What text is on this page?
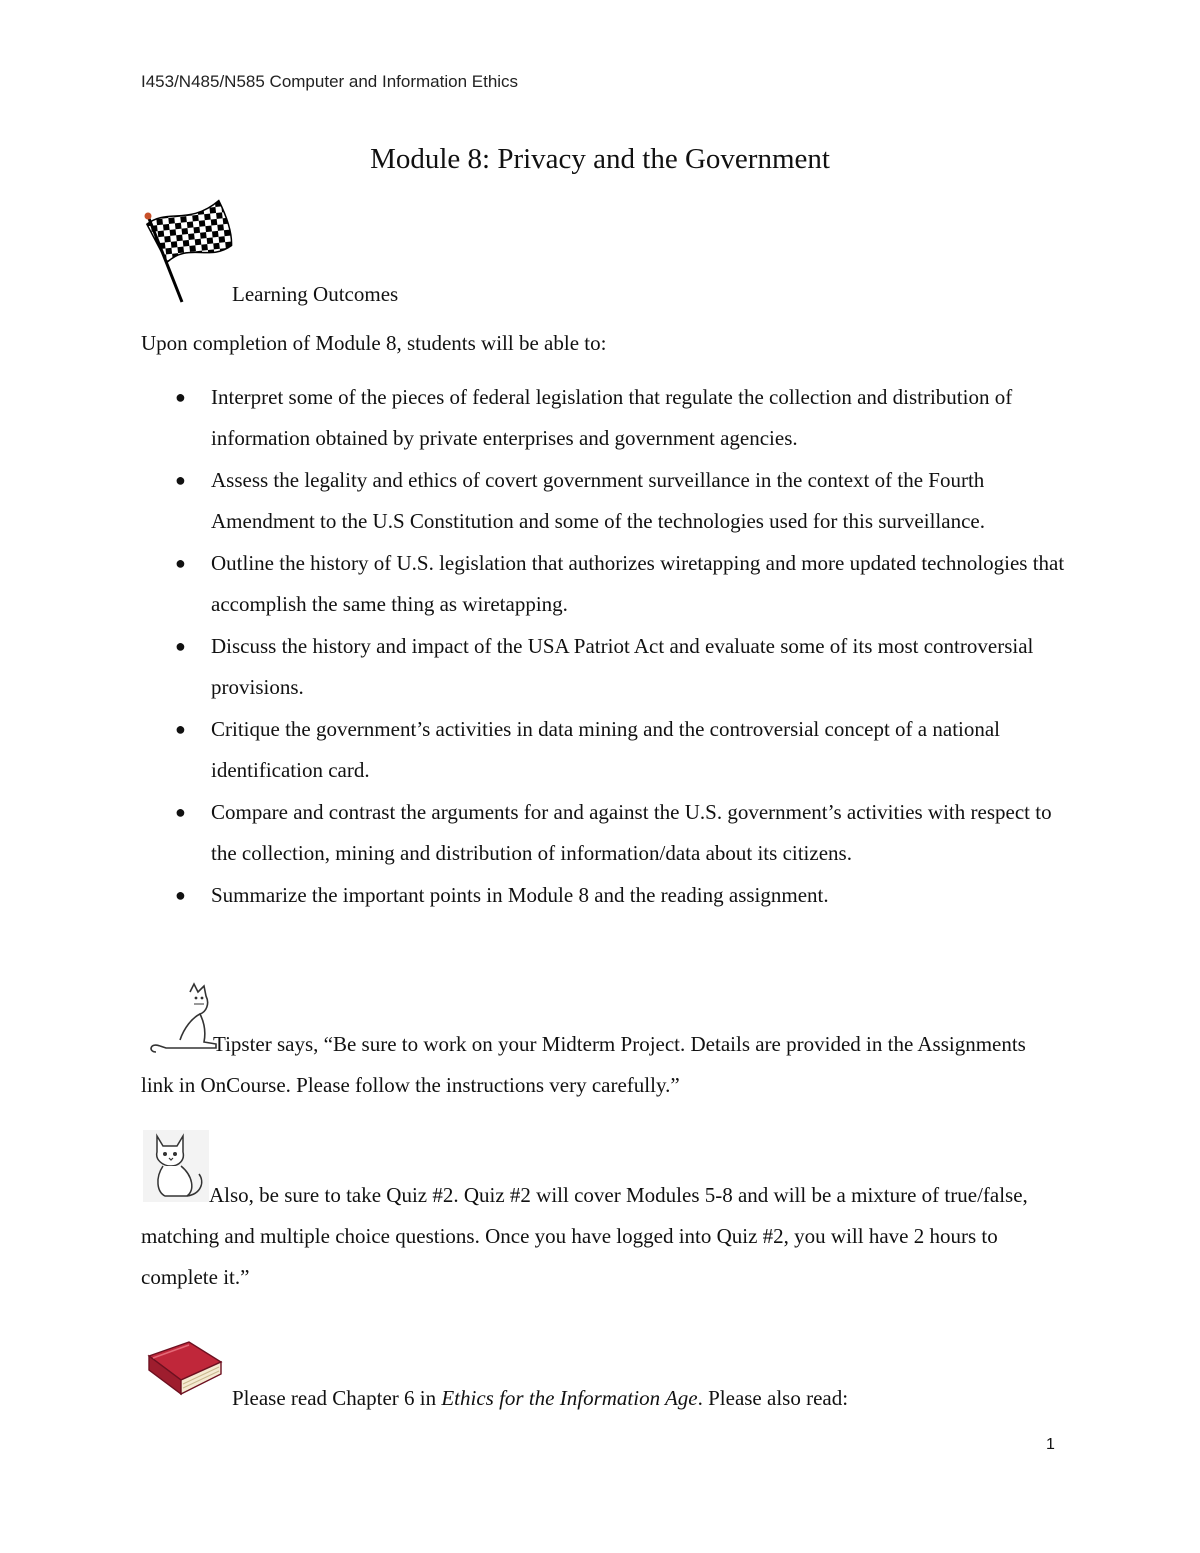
I453/N485/N585 Computer and Information Ethics
Module 8: Privacy and the Government
Learning Outcomes
Upon completion of Module 8, students will be able to:
● Interpret some of the pieces of federal legislation that regulate the collection and distribution of information obtained by private enterprises and government agencies.
● Assess the legality and ethics of covert government surveillance in the context of the Fourth Amendment to the U.S Constitution and some of the technologies used for this surveillance.
● Outline the history of U.S. legislation that authorizes wiretapping and more updated technologies that accomplish the same thing as wiretapping.
● Discuss the history and impact of the USA Patriot Act and evaluate some of its most controversial provisions.
● Critique the government’s activities in data mining and the controversial concept of a national identification card.
● Compare and contrast the arguments for and against the U.S. government’s activities with respect to the collection, mining and distribution of information/data about its citizens.
● Summarize the important points in Module 8 and the reading assignment.
Tipster says, “Be sure to work on your Midterm Project. Details are provided in the Assignments link in OnCourse. Please follow the instructions very carefully.”
Also, be sure to take Quiz #2. Quiz #2 will cover Modules 5-8 and will be a mixture of true/false, matching and multiple choice questions. Once you have logged into Quiz #2, you will have 2 hours to complete it.”
Please read Chapter 6 in Ethics for the Information Age. Please also read:
1
